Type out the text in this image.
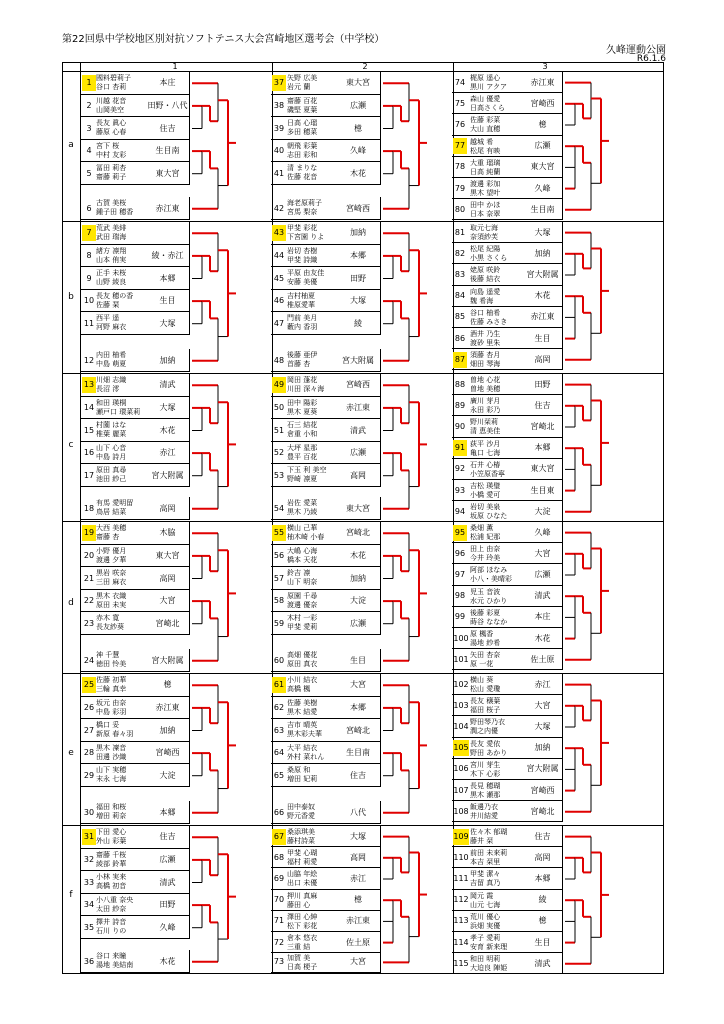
第22回県中学校地区別対抗ソフトテニス大会宮崎地区選考会（中学校）
久峰運動公園
R6.1.6
1	2	3
a
b
c
d
e
f
1
國料碧莉子
谷口 杏莉	本庄
2
川越 花音
山岡美空	田野・八代
3
長友 眞心
藤原 心春	住吉
4
宮下 桜
中村 友彩	生目南
5
冨田 莉杏
齋藤 莉子	東大宮
6
古賀 美桜
鍾子田 穂香	赤江東
7
荒武 美緋
武田 瑞海
8
緒方 凛翔
山本 侑実	綾・赤江
9
正手 未桜
山野 綾良	本郷
10
長友 穂の香
佐藤 琹	生目
11
西平 遥
河野 麻衣	大塚
12
内田 柚希
中島 萌夏	加納
13
川畑 志織
長沼 澪	清武
14
和田 瑛桐
瀬戸口 環菜莉	大塚
15
村薗 はな
椎葉 麗菜	木花
16
山下 心音
中島 詩月	赤江
17
原田 真尋
池田 紗己	宮大附属
18
有馬 愛明留
鳥居 結菜	高岡
19
大西 美穂
齋藤 杏	木脇
20
小野 優月
渡邊 夕華	東大宮
21
黒岩 咲奈
三田 麻衣	高岡
22
黒木 衣織
原田 未実	大宮
23
赤木 寛
長友紗葵	宮崎北
24
神 千慧
徳田 怜美	宮大附属
25
佐藤 初華
三輪 真幸	檍
26
坂元 由奈
中島 彩羽	赤江東
27
橋口 妥
新原 春々羽	加納
28
黒木 凜音
田邊 沙織	宮崎西
29
山下 実穂
末永 七海	大淀
30
福田 和桜
増田 莉奈	本郷
31
下田 愛心
外山 彩葉	住吉
32
齋藤 千桜
綾部 鈴華	広瀬
33
小林 実来
高橋 初音	清武
34
小八重 奈央
太田 紗奈	田野
35
擇井 詩音
石川 りの	久峰
36
谷口 来瞳
湯地 美結南	木花
37
矢野 広美
岩元 蘭	東大宮
38
齋藤 百花
磯堅 夏葉	広瀬
39
日高 心瑠
多田 穂菜	檍
40
朝飛 彩葉
志田 彩和	久峰
41
清 まりな
佐藤 花音	木花
42
海老原莉子
宮馬 梨奈	宮崎西
43
甲斐 彩花
下宮園 りよ	加納
44
岩切 杏樹
甲斐 詩織	本郷
45
平原 由友佳
安藤 美優	田野
46
吉村柚夏
椎原愛華	大塚
47
門前 美月
藪内 香羽	綾
48
後藤 亜伊
首藤 杏	宮大附属
49
岡田 蓬花
川田 深々海	宮崎西
50
田中 陽彩
黒木 夏葵	赤江東
51
石三 結花
倉重 小和	清武
52
大坪 星那
豊平 百花	広瀬
53
下玉 利 美空
野崎 凛夏	高岡
54
岩佐 愛菜
黒木 乃綾	東大宮
55
横山 己華
柚木崎 小春	宮崎北
56
大嶋 心海
橋本 天花	木花
57
鈴吉 凛
山下 明奈	加納
58
原園 千尋
渡邊 優奈	大淀
59
木村 一彩
甲斐 愛莉	広瀬
60
高畑 優花
原田 真衣	生目
61
小川 結衣
高橋 楓	大宮
62
佐藤 美樹
黒木 結愛	本郷
63
吉市 晴英
黒木彩夫華	宮崎北
64
大平 結衣
外村 菜れん	生目南
65
桑原 和
増田 妃莉	住吉
66
田中泰奴
野元香愛	八代
67 桑添琪美
藤村詩菜
大塚
68 甲斐 心瑚
福村 莉愛
高岡
69 山脇 年絵
出口 未優
赤江
70 押川 真麻
藤田 心
檍
71 澤田 心紳
松下 彩花
赤江東
72 倉本 悠衣
三重 結
佐土原
73 加賀 美
日高 梗子
大宮
74 梶原 遥心
黒川 アクア
赤江東
75 森山 優愛
日高さくら
宮崎西
76 佐藤 彩菜
大山 直穂
檍
77 越城 希
松尾 有映
広瀬
78 大重 瑠璃
日高 純蘭
東大宮
79 渡邊 彩加
黒木 望叶
久峰
80 田中 かほ
日本 奈翠
生目南
81 取元七海
奈須紗芙
大塚
82 松尾 紀陽
小黒 さくら
加納
83 姥原 咲鈴
後藤 結衣
宮大附属
84 向島 遥愛
魏 希海
木花
85 谷口 柚希
佐藤 みさき
赤江東
86 酒井 乃生
渡砂 里朱
生目
87 須藤 杏月
畑田 琴海
高岡
88 曽地 心花
曽地 美穂
田野
89 廣川 芽月
永田 彩乃
住吉
90 野川栞莉
清 恵美佳
宮崎北
91 荻平 沙月
亀口 七海
本郷
92 石井 心椿
小笠原香寧
東大宮
93 吉松 瑛璧
小橋 愛可
生目東
94 岩切 美泉
坂原 ひなた
大淀
95 桑畑 薫
松浦 妃那
久峰
96 田上 由奈
今井 玲美
大宮
97 阿部 ほなみ
小八・美晴彩
広瀬
98 児玉 音波
水元 ひかり
清武
99 後藤 彩夏
蒔谷 ななか
本庄
100 原 楓香
湯地 紗希
木花
101 矢田 杏奈
原 一花
佐土原
102 横山 葵
松山 愛瓊
赤江
103 長友 穣葉
福田 桜子
大宮
104 野田琴乃衣
潤之内優
大塚
105 長友 愛依
野田 あかり
加納
106 宮川 芽生
木下 心彩
宮大附属
107 長見 穂瑚
黒木 瀬那
宮崎西
108 飯邊乃衣
井川結愛
宮崎北
109 佐々木 郁瑚
藤井 栞
住吉
110 前田 未來莉
本吉 栞里
高岡
111 甲斐 潔々
吉留 真乃
本郷
112 岡元 霞
山元 七海
綾
113 荒川 優心
浜畑 実優
檍
114 孝子 愛莉
安育 新来理
生目
115 和田 明莉
大迫良 陣姫
清武
